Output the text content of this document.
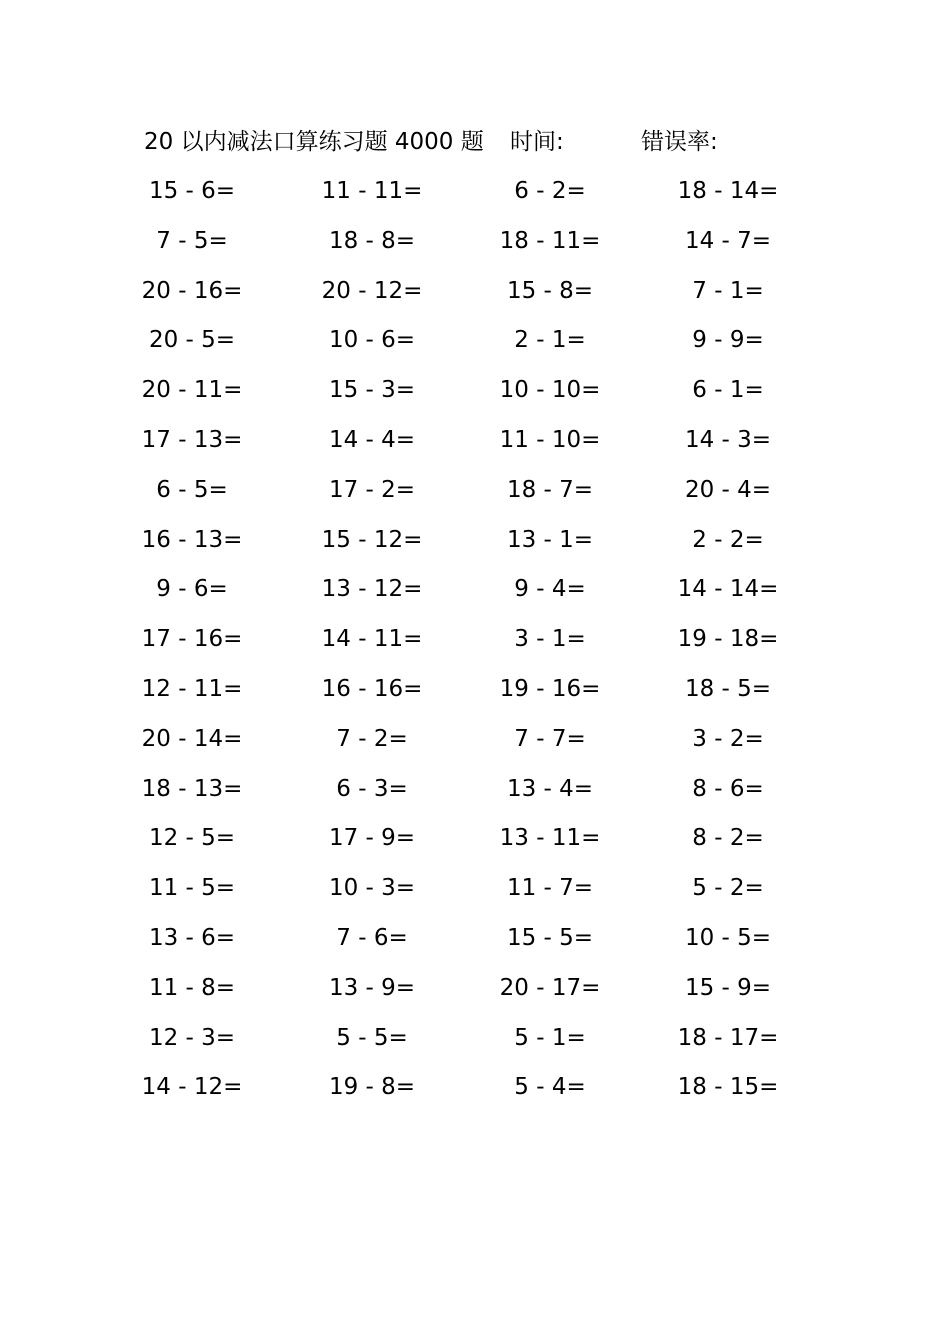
20 以内减法口算练习题 4000 题 时间:	错误率:
15 - 6=	11 - 11=	6 - 2=	18 - 14=
7 - 5=	18 - 8=	18 - 11=	14 - 7=
20 - 16=	20 - 12=	15 - 8=	7 - 1=
20 - 5=	10 - 6=	2 - 1=	9 - 9=
20 - 11=	15 - 3=	10 - 10=	6 - 1=
17 - 13=	14 - 4=	11 - 10=	14 - 3=
6 - 5=	17 - 2=	18 - 7=	20 - 4=
16 - 13=	15 - 12=	13 - 1=	2 - 2=
9 - 6=	13 - 12=	9 - 4=	14 - 14=
17 - 16=	14 - 11=	3 - 1=	19 - 18=
12 - 11=	16 - 16=	19 - 16=	18 - 5=
20 - 14=	7 - 2=	7 - 7=	3 - 2=
18 - 13=	6 - 3=	13 - 4=	8 - 6=
12 - 5=	17 - 9=	13 - 11=	8 - 2=
11 - 5=	10 - 3=	11 - 7=	5 - 2=
13 - 6=	7 - 6=	15 - 5=	10 - 5=
11 - 8=	13 - 9=	20 - 17=	15 - 9=
12 - 3=	5 - 5=	5 - 1=	18 - 17=
14 - 12=	19 - 8=	5 - 4=	18 - 15=
